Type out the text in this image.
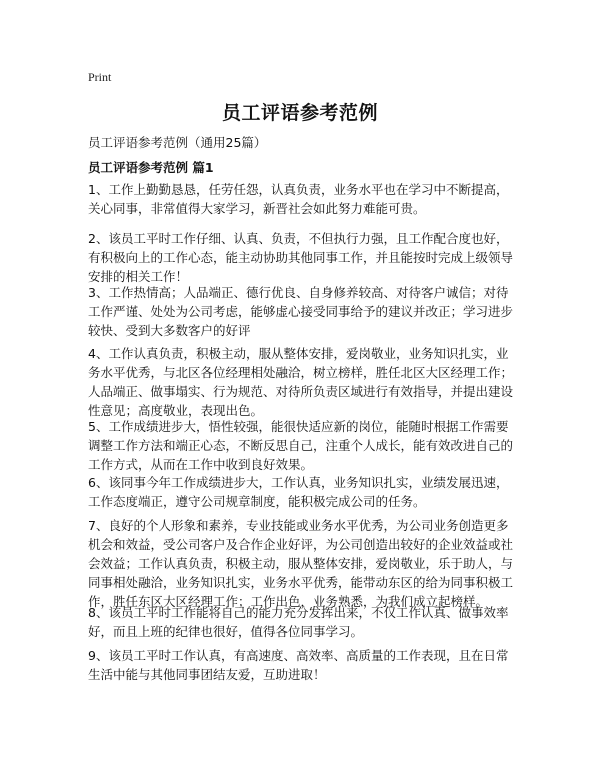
Print
员工评语参考范例
员工评语参考范例（通用25篇）
员工评语参考范例 篇1

1、工作上勤勤恳恳，任劳任怨，认真负责，业务水平也在学习中不断提高，关心同事，非常值得大家学习，新晋社会如此努力难能可贵。

2、该员工平时工作仔细、认真、负责，不但执行力强，且工作配合度也好，有积极向上的工作心态，能主动协助其他同事工作，并且能按时完成上级领导安排的相关工作！

3、工作热情高；人品端正、德行优良、自身修养较高、对待客户诚信；对待工作严谨、处处为公司考虑，能够虚心接受同事给予的建议并改正；学习进步较快、受到大多数客户的好评

4、工作认真负责，积极主动，服从整体安排，爱岗敬业，业务知识扎实，业务水平优秀，与北区各位经理相处融洽，树立榜样，胜任北区大区经理工作；人品端正、做事塌实、行为规范、对待所负责区域进行有效指导，并提出建设性意见；高度敬业，表现出色。

5、工作成绩进步大，悟性较强，能很快适应新的岗位，能随时根据工作需要调整工作方法和端正心态，不断反思自己，注重个人成长，能有效改进自己的工作方式，从而在工作中收到良好效果。

6、该同事今年工作成绩进步大，工作认真，业务知识扎实，业绩发展迅速，工作态度端正，遵守公司规章制度，能积极完成公司的任务。

7、良好的个人形象和素养，专业技能或业务水平优秀，为公司业务创造更多机会和效益，受公司客户及合作企业好评，为公司创造出较好的企业效益或社会效益；工作认真负责，积极主动，服从整体安排，爱岗敬业，乐于助人，与同事相处融洽，业务知识扎实，业务水平优秀，能带动东区的给为同事积极工作，胜任东区大区经理工作；工作出色，业务熟悉，为我们成立起榜样。

8、该员工平时工作能将自己的能力充分发挥出来，不仅工作认真、做事效率好，而且上班的纪律也很好，值得各位同事学习。

9、该员工平时工作认真，有高速度、高效率、高质量的工作表现，且在日常生活中能与其他同事团结友爱，互助进取！
